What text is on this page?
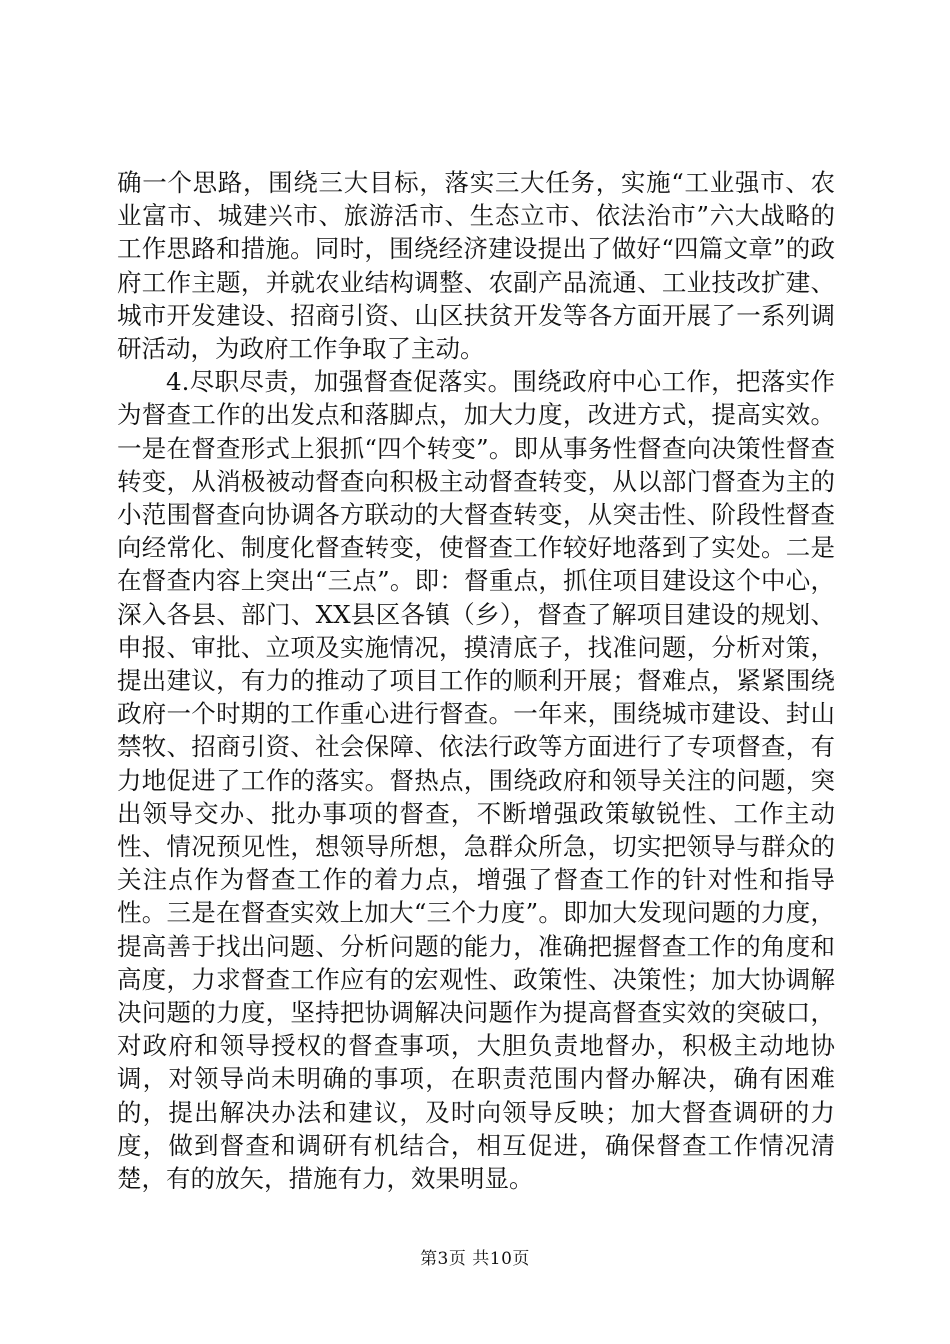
确一个思路，围绕三大目标，落实三大任务，实施“工业强市、农业富市、城建兴市、旅游活市、生态立市、依法治市”六大战略的工作思路和措施。同时，围绕经济建设提出了做好“四篇文章”的政府工作主题，并就农业结构调整、农副产品流通、工业技改扩建、城市开发建设、招商引资、山区扶贫开发等各方面开展了一系列调研活动，为政府工作争取了主动。

4.尽职尽责，加强督查促落实。围绕政府中心工作，把落实作为督查工作的出发点和落脚点，加大力度，改进方式，提高实效。一是在督查形式上狠抓“四个转变”。即从事务性督查向决策性督查转变，从消极被动督查向积极主动督查转变，从以部门督查为主的小范围督查向协调各方联动的大督查转变，从突击性、阶段性督查向经常化、制度化督查转变，使督查工作较好地落到了实处。二是在督查内容上突出“三点”。即：督重点，抓住项目建设这个中心，深入各县、部门、XX县区各镇（乡），督查了解项目建设的规划、申报、审批、立项及实施情况，摸清底子，找准问题，分析对策，提出建议，有力的推动了项目工作的顺利开展；督难点，紧紧围绕政府一个时期的工作重心进行督查。一年来，围绕城市建设、封山禁牧、招商引资、社会保障、依法行政等方面进行了专项督查，有力地促进了工作的落实。督热点，围绕政府和领导关注的问题，突出领导交办、批办事项的督查，不断增强政策敏锐性、工作主动性、情况预见性，想领导所想，急群众所急，切实把领导与群众的关注点作为督查工作的着力点，增强了督查工作的针对性和指导性。三是在督查实效上加大“三个力度”。即加大发现问题的力度，提高善于找出问题、分析问题的能力，准确把握督查工作的角度和高度，力求督查工作应有的宏观性、政策性、决策性；加大协调解决问题的力度，坚持把协调解决问题作为提高督查实效的突破口，对政府和领导授权的督查事项，大胆负责地督办，积极主动地协调，对领导尚未明确的事项，在职责范围内督办解决，确有困难的，提出解决办法和建议，及时向领导反映；加大督查调研的力度，做到督查和调研有机结合，相互促进，确保督查工作情况清楚，有的放矢，措施有力，效果明显。

第3页 共10页
